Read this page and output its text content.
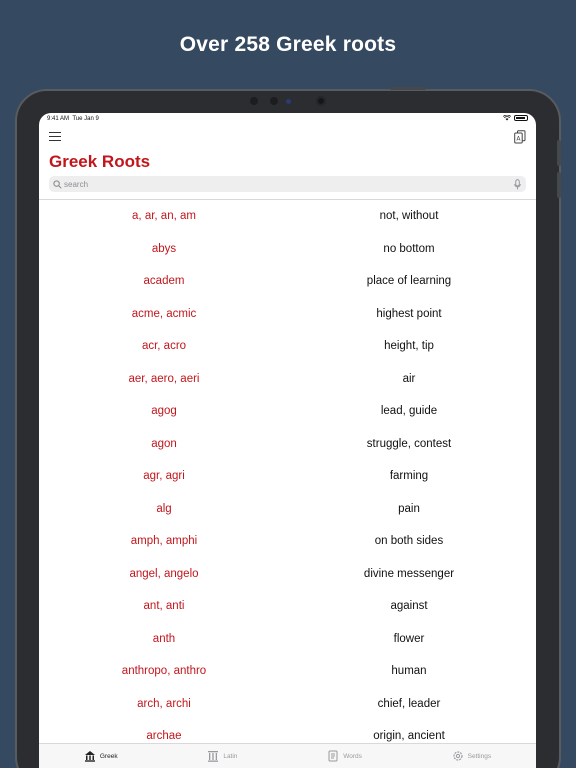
Over 258 Greek roots
9:41 AM Tue Jan 9
A
Greek Roots
search
a, ar, an, am	not, without
abys	no bottom
academ	place of learning
acme, acmic	highest point
acr, acro	height, tip
aer, aero, aeri	air
agog	lead, guide
agon	struggle, contest
agr, agri	farming
alg	pain
amph, amphi	on both sides
angel, angelo	divine messenger
ant, anti	against
anth	flower
anthropo, anthro	human
arch, archi	chief, leader
archae	origin, ancient
Greek	Latin	Words	Settings
